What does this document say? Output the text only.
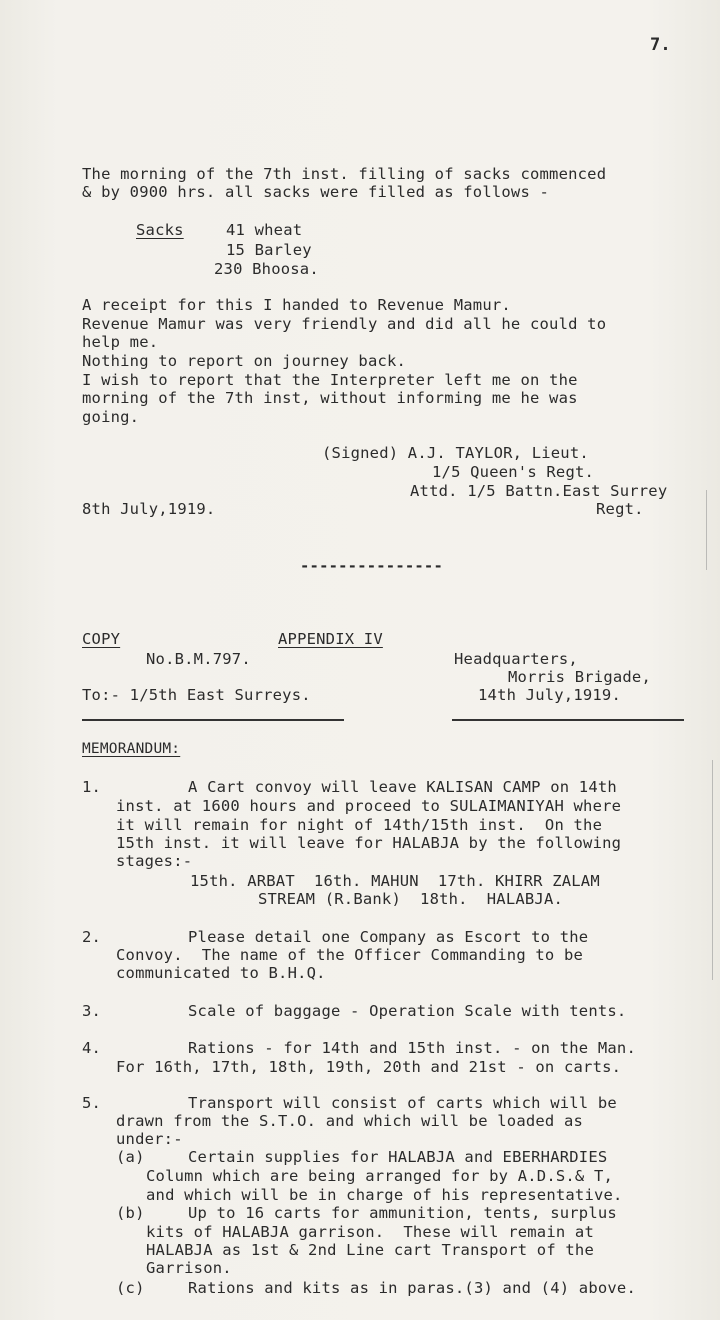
7.
The morning of the 7th inst. filling of sacks commenced
& by 0900 hrs. all sacks were filled as follows -
Sacks	41 wheat
15 Barley
230 Bhoosa.
A receipt for this I handed to Revenue Mamur.
Revenue Mamur was very friendly and did all he could to
help me.
Nothing to report on journey back.
I wish to report that the Interpreter left me on the
morning of the 7th inst, without informing me he was
going.
(Signed) A.J. TAYLOR, Lieut.
1/5 Queen's Regt.
Attd. 1/5 Battn.East Surrey
Regt.
8th July,1919.
---------------
COPY	APPENDIX IV
No.B.M.797.	Headquarters,
Morris Brigade,
14th July,1919.
To:- 1/5th East Surreys.
MEMORANDUM:
1.	A Cart convoy will leave KALISAN CAMP on 14th
inst. at 1600 hours and proceed to SULAIMANIYAH where
it will remain for night of 14th/15th inst.  On the
15th inst. it will leave for HALABJA by the following
stages:-
15th. ARBAT  16th. MAHUN  17th. KHIRR ZALAM
STREAM (R.Bank)  18th.  HALABJA.
2.	Please detail one Company as Escort to the
Convoy.  The name of the Officer Commanding to be
communicated to B.H.Q.
3.	Scale of baggage - Operation Scale with tents.
4.	Rations - for 14th and 15th inst. - on the Man.
For 16th, 17th, 18th, 19th, 20th and 21st - on carts.
5.	Transport will consist of carts which will be
drawn from the S.T.O. and which will be loaded as
under:-
(a)	Certain supplies for HALABJA and EBERHARDIES
Column which are being arranged for by A.D.S.& T,
and which will be in charge of his representative.
(b)	Up to 16 carts for ammunition, tents, surplus
kits of HALABJA garrison.  These will remain at
HALABJA as 1st & 2nd Line cart Transport of the
Garrison.
(c)	Rations and kits as in paras.(3) and (4) above.
